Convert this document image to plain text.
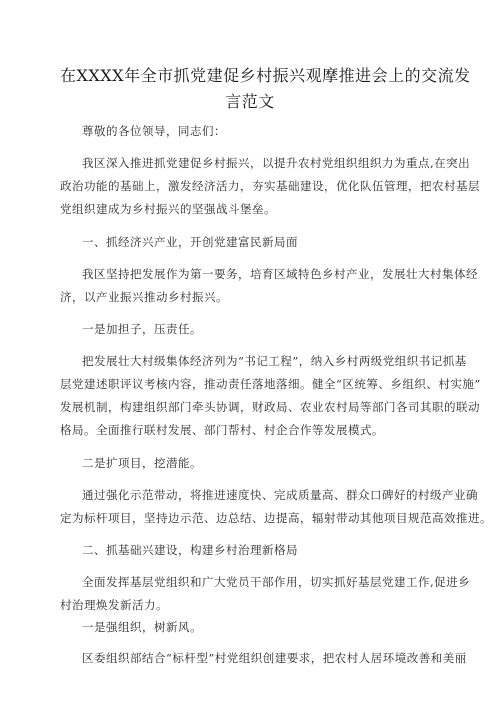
在XXXX年全市抓党建促乡村振兴观摩推进会上的交流发
言范文
尊敬的各位领导，同志们：
我区深入推进抓党建促乡村振兴，以提升农村党组织组织力为重点,在突出
政治功能的基础上，激发经济活力，夯实基础建设，优化队伍管理，把农村基层
党组织建成为乡村振兴的坚强战斗堡垒。
一、抓经济兴产业，开创党建富民新局面
我区坚持把发展作为第一要务，培育区域特色乡村产业，发展壮大村集体经
济，以产业振兴推动乡村振兴。
一是加担子，压责任。
把发展壮大村级集体经济列为“书记工程”，纳入乡村两级党组织书记抓基
层党建述职评议考核内容，推动责任落地落细。健全“区统筹、乡组织、村实施”
发展机制，构建组织部门牵头协调，财政局、农业农村局等部门各司其职的联动
格局。全面推行联村发展、部门帮村、村企合作等发展模式。
二是扩项目，挖潜能。
通过强化示范带动，将推进速度快、完成质量高、群众口碑好的村级产业确
定为标杆项目，坚持边示范、边总结、边提高，辐射带动其他项目规范高效推进。
二、抓基础兴建设，构建乡村治理新格局
全面发挥基层党组织和广大党员干部作用，切实抓好基层党建工作,促进乡
村治理焕发新活力。
一是强组织，树新风。
区委组织部结合“标杆型”村党组织创建要求，把农村人居环境改善和美丽
